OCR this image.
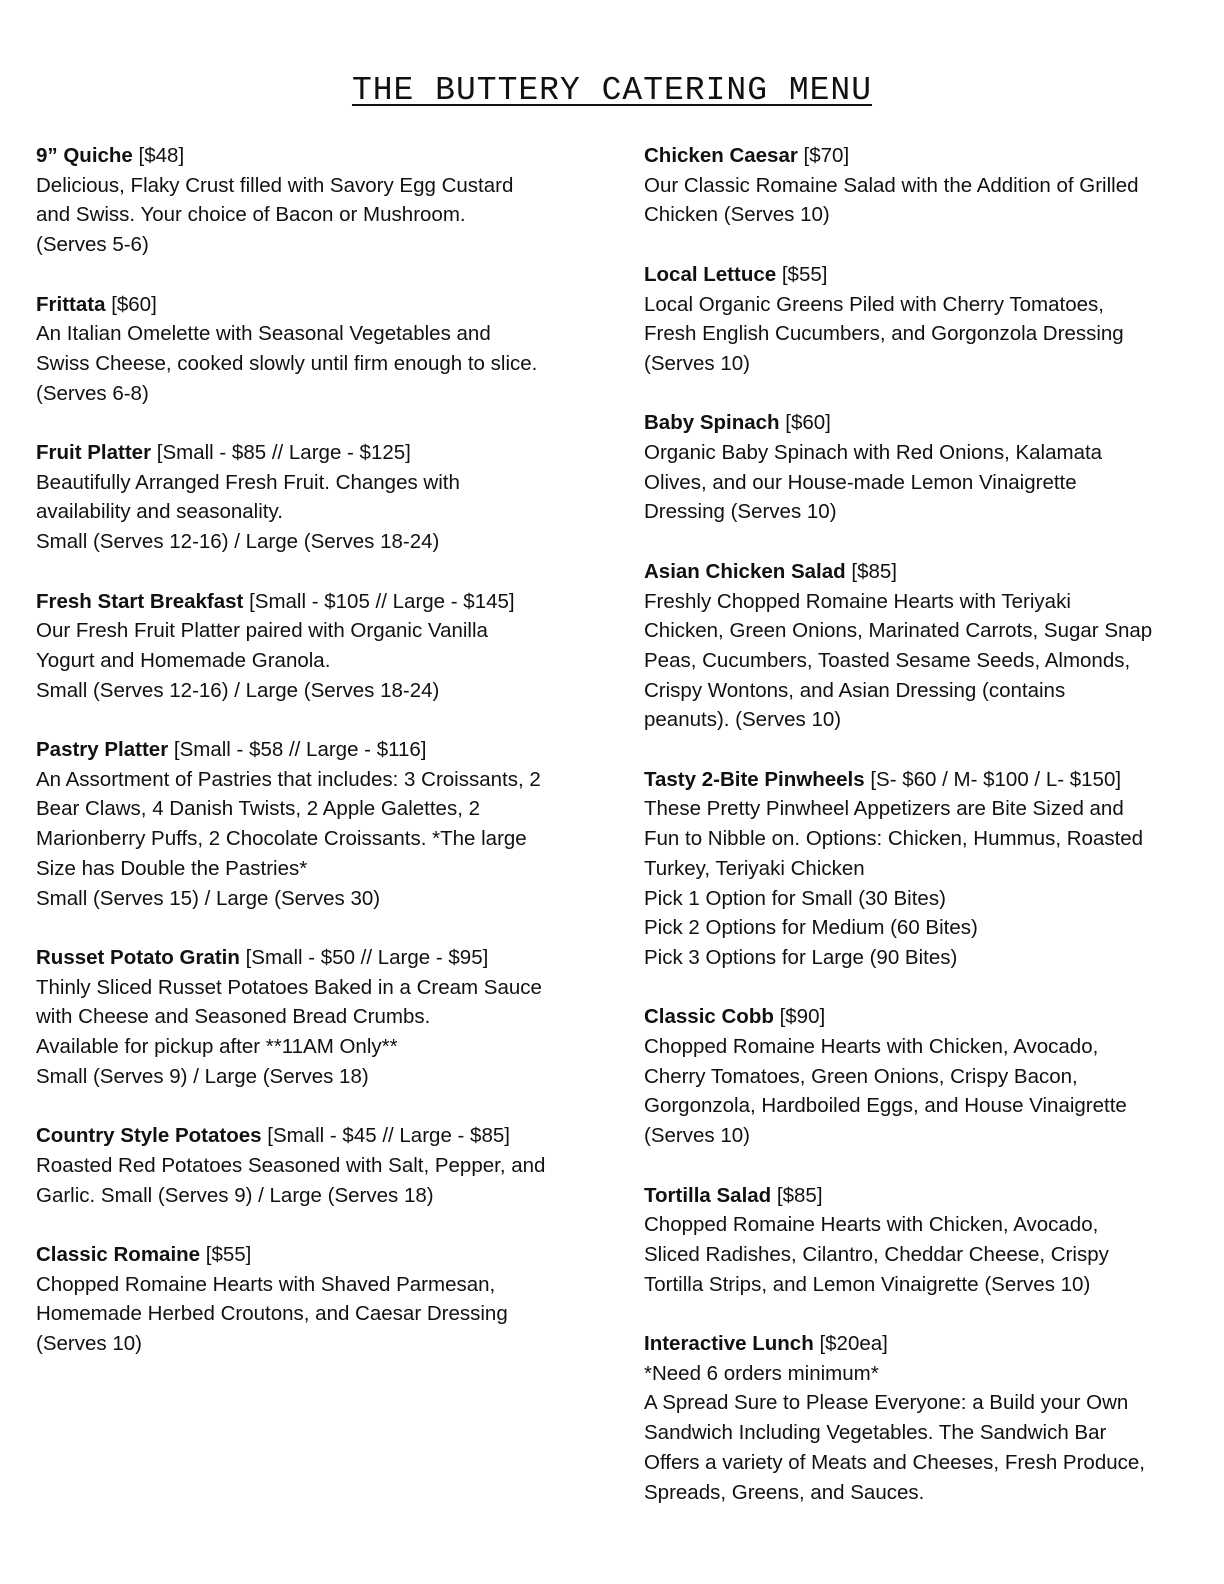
THE BUTTERY CATERING MENU
9” Quiche [$48]
Delicious, Flaky Crust filled with Savory Egg Custard
and Swiss. Your choice of Bacon or Mushroom.
(Serves 5-6)
Frittata [$60]
An Italian Omelette with Seasonal Vegetables and
Swiss Cheese, cooked slowly until firm enough to slice.
(Serves 6-8)
Fruit Platter [Small - $85 // Large - $125]
Beautifully Arranged Fresh Fruit. Changes with
availability and seasonality.
Small (Serves 12-16) / Large (Serves 18-24)
Fresh Start Breakfast [Small - $105 // Large - $145]
Our Fresh Fruit Platter paired with Organic Vanilla
Yogurt and Homemade Granola.
Small (Serves 12-16) / Large (Serves 18-24)
Pastry Platter [Small - $58 // Large - $116]
An Assortment of Pastries that includes: 3 Croissants, 2
Bear Claws, 4 Danish Twists, 2 Apple Galettes, 2
Marionberry Puffs, 2 Chocolate Croissants. *The large
Size has Double the Pastries*
Small (Serves 15) / Large (Serves 30)
Russet Potato Gratin [Small - $50 // Large - $95]
Thinly Sliced Russet Potatoes Baked in a Cream Sauce
with Cheese and Seasoned Bread Crumbs.
Available for pickup after **11AM Only**
Small (Serves 9) / Large (Serves 18)
Country Style Potatoes [Small - $45 // Large - $85]
Roasted Red Potatoes Seasoned with Salt, Pepper, and
Garlic. Small (Serves 9) / Large (Serves 18)
Classic Romaine [$55]
Chopped Romaine Hearts with Shaved Parmesan,
Homemade Herbed Croutons, and Caesar Dressing
(Serves 10)
Chicken Caesar [$70]
Our Classic Romaine Salad with the Addition of Grilled
Chicken (Serves 10)
Local Lettuce [$55]
Local Organic Greens Piled with Cherry Tomatoes,
Fresh English Cucumbers, and Gorgonzola Dressing
(Serves 10)
Baby Spinach [$60]
Organic Baby Spinach with Red Onions, Kalamata
Olives, and our House-made Lemon Vinaigrette
Dressing (Serves 10)
Asian Chicken Salad [$85]
Freshly Chopped Romaine Hearts with Teriyaki
Chicken, Green Onions, Marinated Carrots, Sugar Snap
Peas, Cucumbers, Toasted Sesame Seeds, Almonds,
Crispy Wontons, and Asian Dressing (contains
peanuts). (Serves 10)
Tasty 2-Bite Pinwheels [S- $60 / M- $100 / L- $150]
These Pretty Pinwheel Appetizers are Bite Sized and
Fun to Nibble on. Options: Chicken, Hummus, Roasted
Turkey, Teriyaki Chicken
Pick 1 Option for Small (30 Bites)
Pick 2 Options for Medium (60 Bites)
Pick 3 Options for Large (90 Bites)
Classic Cobb [$90]
Chopped Romaine Hearts with Chicken, Avocado,
Cherry Tomatoes, Green Onions, Crispy Bacon,
Gorgonzola, Hardboiled Eggs, and House Vinaigrette
(Serves 10)
Tortilla Salad [$85]
Chopped Romaine Hearts with Chicken, Avocado,
Sliced Radishes, Cilantro, Cheddar Cheese, Crispy
Tortilla Strips, and Lemon Vinaigrette (Serves 10)
Interactive Lunch [$20ea]
*Need 6 orders minimum*
A Spread Sure to Please Everyone: a Build your Own
Sandwich Including Vegetables. The Sandwich Bar
Offers a variety of Meats and Cheeses, Fresh Produce,
Spreads, Greens, and Sauces.
